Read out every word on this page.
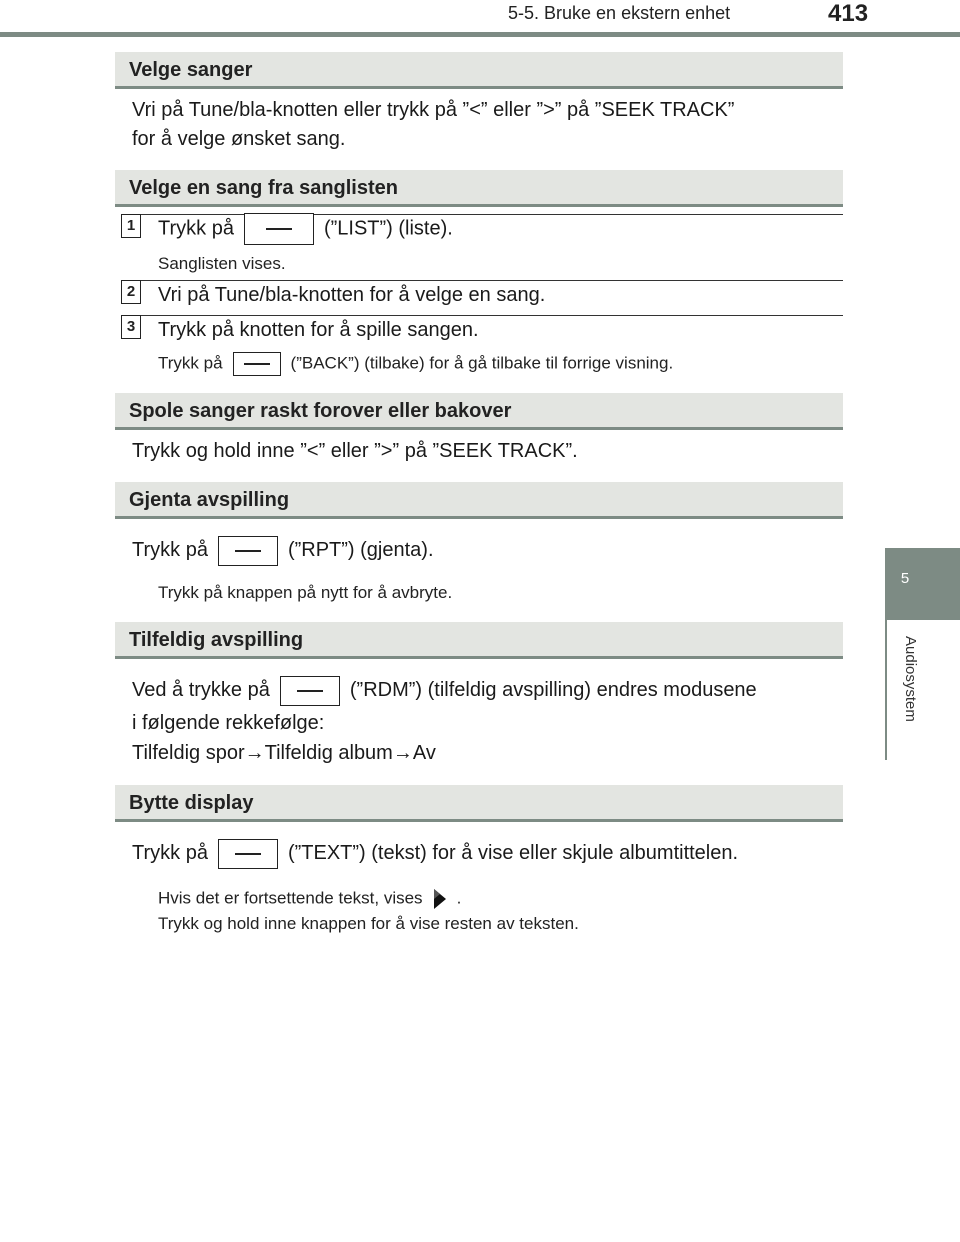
5-5. Bruke en ekstern enhet	413
5
Audiosystem
Velge sanger
Vri på Tune/bla-knotten eller trykk på ”<” eller ”>” på ”SEEK TRACK”
for å velge ønsket sang.
Velge en sang fra sanglisten
1 Trykk på	(”LIST”) (liste).
Sanglisten vises.
2 Vri på Tune/bla-knotten for å velge en sang.
3 Trykk på knotten for å spille sangen.
Trykk på	(”BACK”) (tilbake) for å gå tilbake til forrige visning.
Spole sanger raskt forover eller bakover
Trykk og hold inne ”<” eller ”>” på ”SEEK TRACK”.
Gjenta avspilling
Trykk på	(”RPT”) (gjenta).
Trykk på knappen på nytt for å avbryte.
Tilfeldig avspilling
Ved å trykke på	(”RDM”) (tilfeldig avspilling) endres modusene
i følgende rekkefølge:
Tilfeldig spor→Tilfeldig album→Av
Bytte display
Trykk på	(”TEXT”) (tekst) for å vise eller skjule albumtittelen.
Hvis det er fortsettende tekst, vises .
Trykk og hold inne knappen for å vise resten av teksten.
